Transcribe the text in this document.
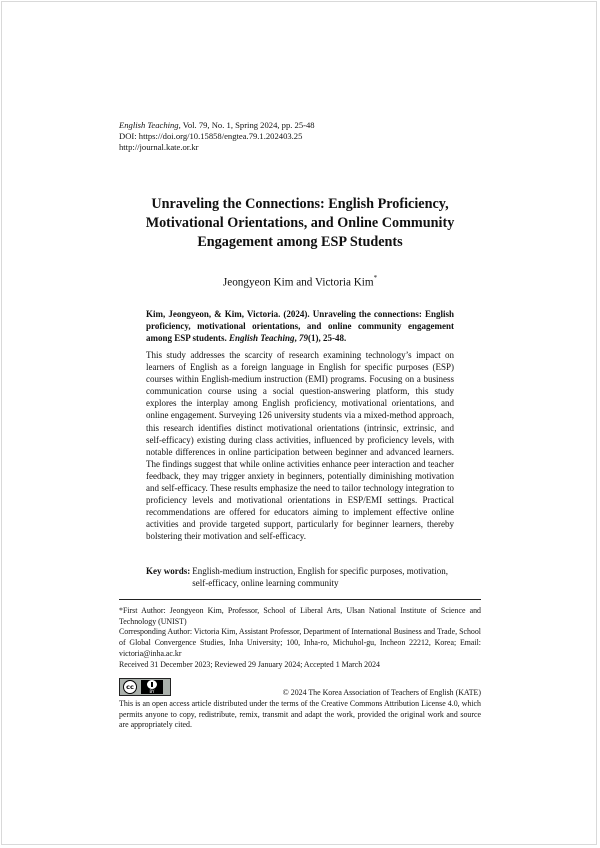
English Teaching, Vol. 79, No. 1, Spring 2024, pp. 25-48
DOI: https://doi.org/10.15858/engtea.79.1.202403.25
http://journal.kate.or.kr
Unraveling the Connections: English Proficiency,
Motivational Orientations, and Online Community
Engagement among ESP Students
Jeongyeon Kim and Victoria Kim*
Kim, Jeongyeon, & Kim, Victoria. (2024). Unraveling the connections: English proficiency, motivational orientations, and online community engagement among ESP students. English Teaching, 79(1), 25-48.
This study addresses the scarcity of research examining technology’s impact on learners of English as a foreign language in English for specific purposes (ESP) courses within English-medium instruction (EMI) programs. Focusing on a business communication course using a social question-answering platform, this study explores the interplay among English proficiency, motivational orientations, and online engagement. Surveying 126 university students via a mixed-method approach, this research identifies distinct motivational orientations (intrinsic, extrinsic, and self-efficacy) existing during class activities, influenced by proficiency levels, with notable differences in online participation between beginner and advanced learners. The findings suggest that while online activities enhance peer interaction and teacher feedback, they may trigger anxiety in beginners, potentially diminishing motivation and self-efficacy. These results emphasize the need to tailor technology integration to proficiency levels and motivational orientations in ESP/EMI settings. Practical recommendations are offered for educators aiming to implement effective online activities and provide targeted support, particularly for beginner learners, thereby bolstering their motivation and self-efficacy.
Key words: English-medium instruction, English for specific purposes, motivation, self-efficacy, online learning community

*First Author: Jeongyeon Kim, Professor, School of Liberal Arts, Ulsan National Institute of Science and Technology (UNIST)

Corresponding Author: Victoria Kim, Assistant Professor, Department of International Business and Trade, School of Global Convergence Studies, Inha University; 100, Inha-ro, Michuhol-gu, Incheon 22212, Korea; Email: victoria@inha.ac.kr

Received 31 December 2023; Reviewed 29 January 2024; Accepted 1 March 2024

cc
BY	© 2024 The Korea Association of Teachers of English (KATE)
This is an open access article distributed under the terms of the Creative Commons Attribution License 4.0, which permits anyone to copy, redistribute, remix, transmit and adapt the work, provided the original work and source are appropriately cited.
